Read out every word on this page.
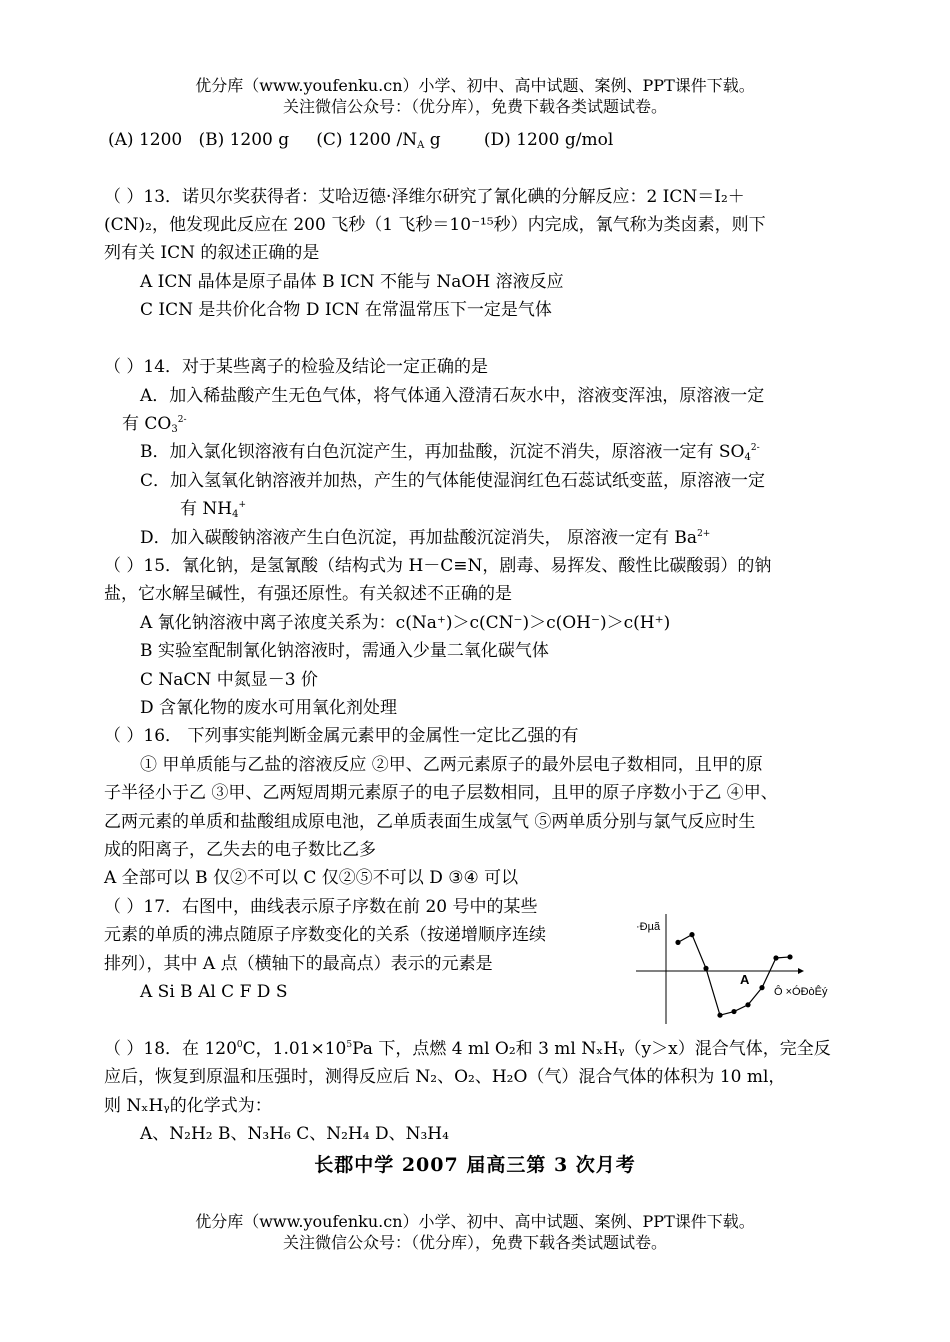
优分库（www.youfenku.cn）小学、初中、高中试题、案例、PPT课件下载。
关注微信公众号：（优分库），免费下载各类试题试卷。
(A) 1200 (B) 1200 g (C) 1200 $/N_A$ g	(D) 1200 g/mol
（ ）13．诺贝尔奖获得者：艾哈迈德·泽维尔研究了氰化碘的分解反应：2 ICN＝I₂＋
(CN)₂，他发现此反应在 200 飞秒（1 飞秒＝10⁻¹⁵秒）内完成，氰气称为类卤素，则下
列有关 ICN 的叙述正确的是
A ICN 晶体是原子晶体 B ICN 不能与 NaOH 溶液反应
C ICN 是共价化合物 D ICN 在常温常压下一定是气体
（ ）14．对于某些离子的检验及结论一定正确的是
A．加入稀盐酸产生无色气体，将气体通入澄清石灰水中，溶液变浑浊，原溶液一定
有 $CO_3^{2-}$
B．加入氯化钡溶液有白色沉淀产生，再加盐酸，沉淀不消失，原溶液一定有 $SO_4^{2-}$
C．加入氢氧化钠溶液并加热，产生的气体能使湿润红色石蕊试纸变蓝，原溶液一定
有 $NH_4^+$
D．加入碳酸钠溶液产生白色沉淀，再加盐酸沉淀消失， 原溶液一定有 $Ba^{2+}$
（ ）15．氰化钠，是氢氰酸（结构式为 H－C≡N，剧毒、易挥发、酸性比碳酸弱）的钠
盐，它水解呈碱性，有强还原性。有关叙述不正确的是
A 氰化钠溶液中离子浓度关系为：c(Na⁺)＞c(CN⁻)＞c(OH⁻)＞c(H⁺)
B 实验室配制氰化钠溶液时，需通入少量二氧化碳气体
C NaCN 中氮显－3 价
D 含氰化物的废水可用氧化剂处理
（ ）16． 下列事实能判断金属元素甲的金属性一定比乙强的有
① 甲单质能与乙盐的溶液反应 ②甲、乙两元素原子的最外层电子数相同，且甲的原
子半径小于乙 ③甲、乙两短周期元素原子的电子层数相同，且甲的原子序数小于乙 ④甲、
乙两元素的单质和盐酸组成原电池，乙单质表面生成氢气 ⑤两单质分别与氯气反应时生
成的阳离子，乙失去的电子数比乙多
A 全部可以 B 仅②不可以 C 仅②⑤不可以 D ③④ 可以
（ ）17．右图中，曲线表示原子序数在前 20 号中的某些
元素的单质的沸点随原子序数变化的关系（按递增顺序连续
排列），其中 A 点（横轴下的最高点）表示的元素是
A Si B Al C F D S
·Ðµã
Ô ×ÓÐòÊý
A
（ ）18．在 $120^0C$，$1.01\times 10^5Pa$ 下，点燃 4 ml O₂和 3 ml NₓHᵧ（y＞x）混合气体，完全反
应后，恢复到原温和压强时，测得反应后 N₂、O₂、H₂O（气）混合气体的体积为 10 ml，
则 NₓHᵧ的化学式为：
A、N₂H₂ B、N₃H₆ C、N₂H₄ D、N₃H₄
长郡中学 2007 届高三第 3 次月考
优分库（www.youfenku.cn）小学、初中、高中试题、案例、PPT课件下载。
关注微信公众号：（优分库），免费下载各类试题试卷。
